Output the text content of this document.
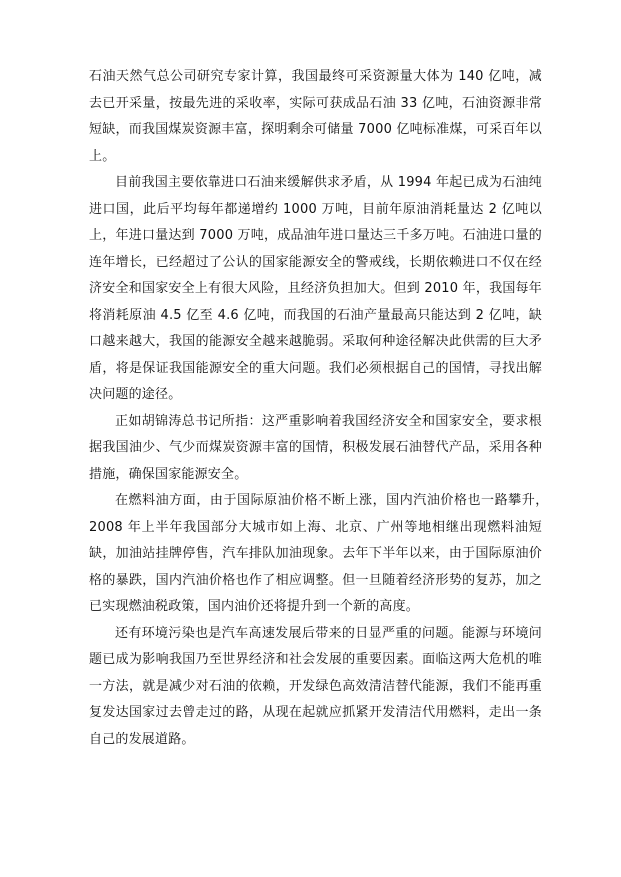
石油天然气总公司研究专家计算，我国最终可采资源量大体为 140 亿吨，减去已开采量，按最先进的采收率，实际可获成品石油 33 亿吨，石油资源非常短缺，而我国煤炭资源丰富，探明剩余可储量 7000 亿吨标准煤，可采百年以上。

目前我国主要依靠进口石油来缓解供求矛盾，从 1994 年起已成为石油纯进口国，此后平均每年都递增约 1000 万吨，目前年原油消耗量达 2 亿吨以上，年进口量达到 7000 万吨，成品油年进口量达三千多万吨。石油进口量的连年增长，已经超过了公认的国家能源安全的警戒线，长期依赖进口不仅在经济安全和国家安全上有很大风险，且经济负担加大。但到 2010 年，我国每年将消耗原油 4.5 亿至 4.6 亿吨，而我国的石油产量最高只能达到 2 亿吨，缺口越来越大，我国的能源安全越来越脆弱。采取何种途径解决此供需的巨大矛盾，将是保证我国能源安全的重大问题。我们必须根据自己的国情，寻找出解决问题的途径。

正如胡锦涛总书记所指：这严重影响着我国经济安全和国家安全，要求根据我国油少、气少而煤炭资源丰富的国情，积极发展石油替代产品，采用各种措施，确保国家能源安全。

在燃料油方面，由于国际原油价格不断上涨，国内汽油价格也一路攀升，　　2008 年上半年我国部分大城市如上海、北京、广州等地相继出现燃料油短缺，加油站挂牌停售，汽车排队加油现象。去年下半年以来，由于国际原油价格的暴跌，国内汽油价格也作了相应调整。但一旦随着经济形势的复苏，加之已实现燃油税政策，国内油价还将提升到一个新的高度。

还有环境污染也是汽车高速发展后带来的日显严重的问题。能源与环境问题已成为影响我国乃至世界经济和社会发展的重要因素。面临这两大危机的唯一方法，就是减少对石油的依赖，开发绿色高效清洁替代能源，我们不能再重复发达国家过去曾走过的路，从现在起就应抓紧开发清洁代用燃料，走出一条自己的发展道路。
